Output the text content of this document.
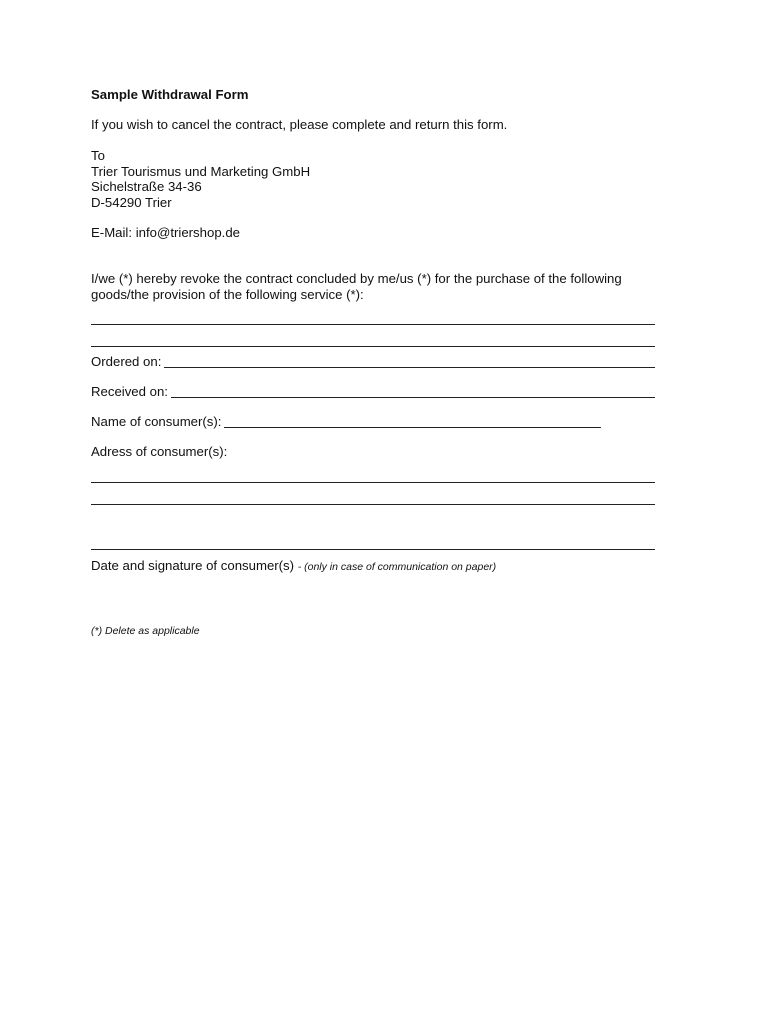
Sample Withdrawal Form

If you wish to cancel the contract, please complete and return this form.

To
Trier Tourismus und Marketing GmbH
Sichelstraße 34-36
D-54290 Trier

E-Mail: info@triershop.de

I/we (*) hereby revoke the contract concluded by me/us (*) for the purchase of the following
goods/the provision of the following service (*):
Ordered on:
Received on:
Name of consumer(s):

Adress of consumer(s):

Date and signature of consumer(s) - (only in case of communication on paper)

(*) Delete as applicable
